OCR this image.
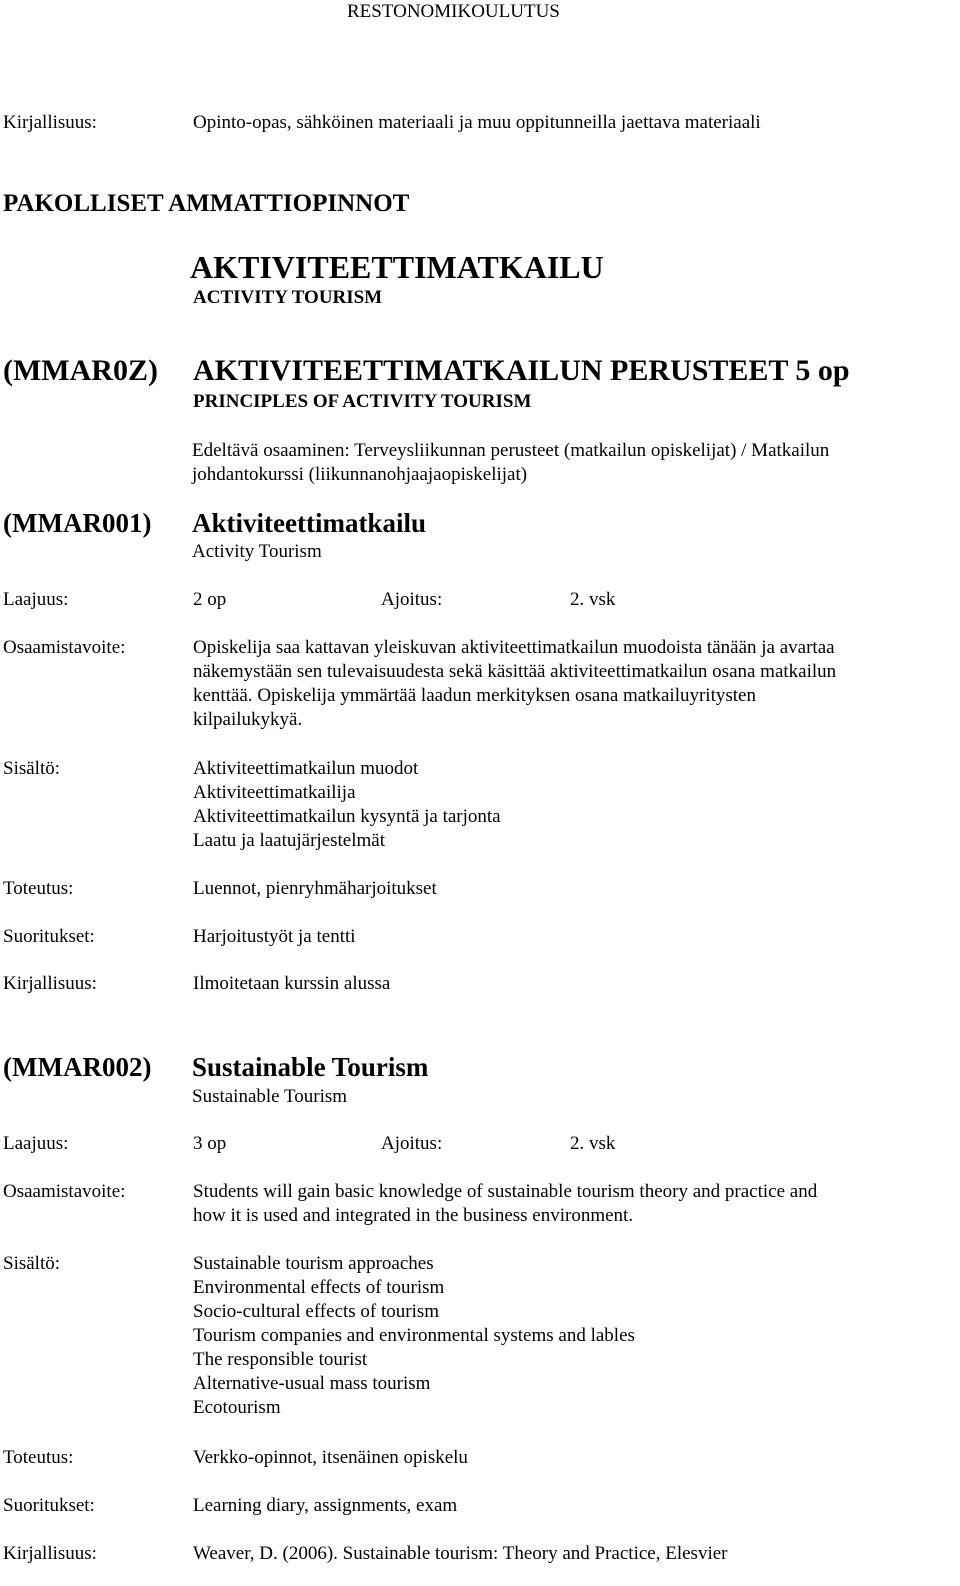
RESTONOMIKOULUTUS
Kirjallisuus:	Opinto-opas, sähköinen materiaali ja muu oppitunneilla jaettava materiaali
PAKOLLISET AMMATTIOPINNOT
AKTIVITEETTIMATKAILU
ACTIVITY TOURISM
(MMAR0Z) AKTIVITEETTIMATKAILUN PERUSTEET 5 op
PRINCIPLES OF ACTIVITY TOURISM
Edeltävä osaaminen: Terveysliikunnan perusteet (matkailun opiskelijat) / Matkailun
johdantokurssi (liikunnanohjaajaopiskelijat)
(MMAR001) Aktiviteettimatkailu
Activity Tourism
Laajuus:	2 op	Ajoitus:	2. vsk
Osaamistavoite:	Opiskelija saa kattavan yleiskuvan aktiviteettimatkailun muodoista tänään ja avartaa
näkemystään sen tulevaisuudesta sekä käsittää aktiviteettimatkailun osana matkailun
kenttää. Opiskelija ymmärtää laadun merkityksen osana matkailuyritysten
kilpailukykyä.
Sisältö:	Aktiviteettimatkailun muodot
Aktiviteettimatkailija
Aktiviteettimatkailun kysyntä ja tarjonta
Laatu ja laatujärjestelmät
Toteutus:	Luennot, pienryhmäharjoitukset
Suoritukset:	Harjoitustyöt ja tentti
Kirjallisuus:	Ilmoitetaan kurssin alussa
(MMAR002) Sustainable Tourism
Sustainable Tourism
Laajuus:	3 op	Ajoitus:	2. vsk
Osaamistavoite:	Students will gain basic knowledge of sustainable tourism theory and practice and
how it is used and integrated in the business environment.
Sisältö:	Sustainable tourism approaches
Environmental effects of tourism
Socio-cultural effects of tourism
Tourism companies and environmental systems and lables
The responsible tourist
Alternative-usual mass tourism
Ecotourism
Toteutus:	Verkko-opinnot, itsenäinen opiskelu
Suoritukset:	Learning diary, assignments, exam
Kirjallisuus:	Weaver, D. (2006). Sustainable tourism: Theory and Practice, Elesvier
